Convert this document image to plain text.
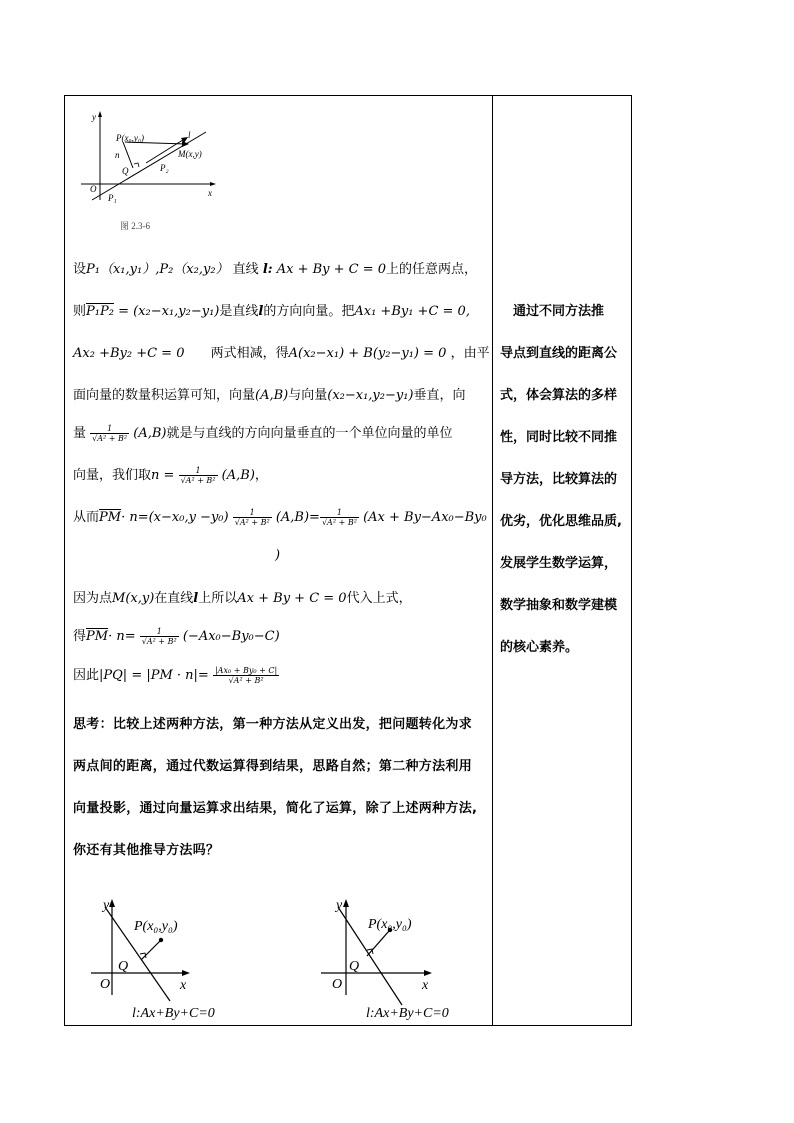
y
x
O
P(x₀,y₀)	l
M(x,y)
n
Q	P₂
P₁
图 2.3-6
设P₁（x₁,y₁）,P₂（x₂,y₂） 直线 l: Ax + By + C = 0上的任意两点，
则P₁P₂ = (x₂−x₁,y₂−y₁)是直线l的方向向量。把Ax₁ +By₁ +C = 0,
Ax₂ +By₂ +C = 0 两式相减，得A(x₂−x₁) + B(y₂−y₁) = 0 ，由平
面向量的数量积运算可知，向量(A,B)与向量(x₂−x₁,y₂−y₁)垂直，向
量 $\frac{1}{\text{√A² + B²}} (A,B)$就是与直线的方向向量垂直的一个单位向量的单位
向量，我们取$n = \frac{1}{\text{√A² + B²}} (A,B)$，
从而$\overline{PM}\cdot n=(x-x_0,y -y_0) \frac{1}{\text{√A² + B²}} (A,B)= \frac{1}{\text{√A² + B²}} (Ax + By-Ax_0-By_0$
)
因为点M(x,y)在直线l上所以Ax + By + C = 0代入上式，
得$\overline{PM}\cdot n= \frac{1}{\text{√A² + B²}} (-Ax_0-By_0-C)$
因此$|PQ| = |PM \cdot n|= \frac{\text{|Ax₀ + By₀ + C|}}{\text{√A² + B²}}$
思考：比较上述两种方法，第一种方法从定义出发，把问题转化为求
两点间的距离，通过代数运算得到结果，思路自然；第二种方法利用
向量投影，通过向量运算求出结果，简化了运算，除了上述两种方法,
你还有其他推导方法吗？
　通过不同方法推
导点到直线的距离公
式，体会算法的多样
性，同时比较不同推
导方法，比较算法的
优劣，优化思维品质,
发展学生数学运算，
数学抽象和数学建模
的核心素养。
y
x
O
Q
P(x₀,y₀)
l:Ax+By+C=0
y
x
O
Q
P(x₀,y₀)
l:Ax+By+C=0
